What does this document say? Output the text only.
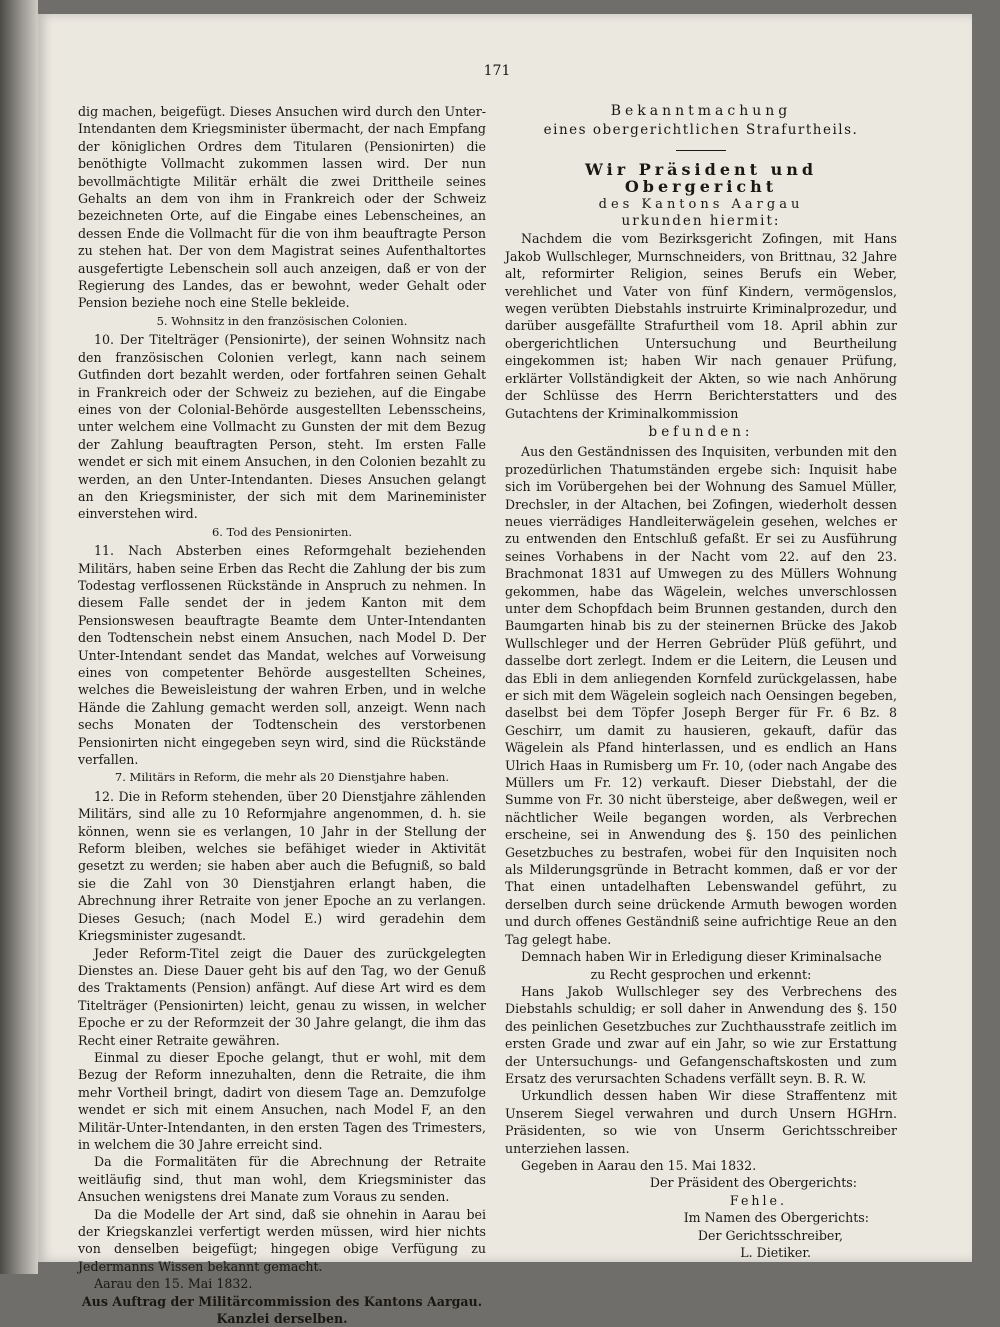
171

dig machen, beigefügt. Dieses Ansuchen wird durch den Unter-Intendanten dem Kriegsminister übermacht, der nach Empfang der königlichen Ordres dem Titularen (Pensionirten) die benöthigte Vollmacht zukommen lassen wird. Der nun bevollmächtigte Militär erhält die zwei Drittheile seines Gehalts an dem von ihm in Frankreich oder der Schweiz bezeichneten Orte, auf die Eingabe eines Lebenscheines, an dessen Ende die Vollmacht für die von ihm beauftragte Person zu stehen hat. Der von dem Magistrat seines Aufenthaltortes ausgefertigte Lebenschein soll auch anzeigen, daß er von der Regierung des Landes, das er bewohnt, weder Gehalt oder Pension beziehe noch eine Stelle bekleide.

5. Wohnsitz in den französischen Colonien.

10. Der Titelträger (Pensionirte), der seinen Wohnsitz nach den französischen Colonien verlegt, kann nach seinem Gutfinden dort bezahlt werden, oder fortfahren seinen Gehalt in Frankreich oder der Schweiz zu beziehen, auf die Eingabe eines von der Colonial-Behörde ausgestellten Lebensscheins, unter welchem eine Vollmacht zu Gunsten der mit dem Bezug der Zahlung beauftragten Person, steht. Im ersten Falle wendet er sich mit einem Ansuchen, in den Colonien bezahlt zu werden, an den Unter-Intendanten. Dieses Ansuchen gelangt an den Kriegsminister, der sich mit dem Marineminister einverstehen wird.

6. Tod des Pensionirten.

11. Nach Absterben eines Reformgehalt beziehenden Militärs, haben seine Erben das Recht die Zahlung der bis zum Todestag verflossenen Rückstände in Anspruch zu nehmen. In diesem Falle sendet der in jedem Kanton mit dem Pensionswesen beauftragte Beamte dem Unter-Intendanten den Todtenschein nebst einem Ansuchen, nach Model D. Der Unter-Intendant sendet das Mandat, welches auf Vorweisung eines von competenter Behörde ausgestellten Scheines, welches die Beweisleistung der wahren Erben, und in welche Hände die Zahlung gemacht werden soll, anzeigt. Wenn nach sechs Monaten der Todtenschein des verstorbenen Pensionirten nicht eingegeben seyn wird, sind die Rückstände verfallen.

7. Militärs in Reform, die mehr als 20 Dienstjahre haben.

12. Die in Reform stehenden, über 20 Dienstjahre zählenden Militärs, sind alle zu 10 Reformjahre angenommen, d. h. sie können, wenn sie es verlangen, 10 Jahr in der Stellung der Reform bleiben, welches sie befähiget wieder in Aktivität gesetzt zu werden; sie haben aber auch die Befugniß, so bald sie die Zahl von 30 Dienstjahren erlangt haben, die Abrechnung ihrer Retraite von jener Epoche an zu verlangen. Dieses Gesuch; (nach Model E.) wird geradehin dem Kriegsminister zugesandt.

Jeder Reform-Titel zeigt die Dauer des zurückgelegten Dienstes an. Diese Dauer geht bis auf den Tag, wo der Genuß des Traktaments (Pension) anfängt. Auf diese Art wird es dem Titelträger (Pensionirten) leicht, genau zu wissen, in welcher Epoche er zu der Reformzeit der 30 Jahre gelangt, die ihm das Recht einer Retraite gewähren.

Einmal zu dieser Epoche gelangt, thut er wohl, mit dem Bezug der Reform innezuhalten, denn die Retraite, die ihm mehr Vortheil bringt, dadirt von diesem Tage an. Demzufolge wendet er sich mit einem Ansuchen, nach Model F, an den Militär-Unter-Intendanten, in den ersten Tagen des Trimesters, in welchem die 30 Jahre erreicht sind.

Da die Formalitäten für die Abrechnung der Retraite weitläufig sind, thut man wohl, dem Kriegsminister das Ansuchen wenigstens drei Manate zum Voraus zu senden.

Da die Modelle der Art sind, daß sie ohnehin in Aarau bei der Kriegskanzlei verfertigt werden müssen, wird hier nichts von denselben beigefügt; hingegen obige Verfügung zu Jedermanns Wissen bekannt gemacht.

Aarau den 15. Mai 1832.

Aus Auftrag der Militärcommission des Kantons Aargau.
Kanzlei derselben.
Bekanntmachung
eines obergerichtlichen Strafurtheils.
Wir Präsident und Obergericht
des Kantons Aargau
urkunden hiermit:

Nachdem die vom Bezirksgericht Zofingen, mit Hans Jakob Wullschleger, Murnschneiders, von Brittnau, 32 Jahre alt, reformirter Religion, seines Berufs ein Weber, verehlichet und Vater von fünf Kindern, vermögenslos, wegen verübten Diebstahls instruirte Kriminalprozedur, und darüber ausgefällte Strafurtheil vom 18. April abhin zur obergerichtlichen Untersuchung und Beurtheilung eingekommen ist; haben Wir nach genauer Prüfung, erklärter Vollständigkeit der Akten, so wie nach Anhörung der Schlüsse des Herrn Berichterstatters und des Gutachtens der Kriminalkommission

befunden:

Aus den Geständnissen des Inquisiten, verbunden mit den prozedürlichen Thatumständen ergebe sich: Inquisit habe sich im Vorübergehen bei der Wohnung des Samuel Müller, Drechsler, in der Altachen, bei Zofingen, wiederholt dessen neues vierrädiges Handleiterwägelein gesehen, welches er zu entwenden den Entschluß gefaßt. Er sei zu Ausführung seines Vorhabens in der Nacht vom 22. auf den 23. Brachmonat 1831 auf Umwegen zu des Müllers Wohnung gekommen, habe das Wägelein, welches unverschlossen unter dem Schopfdach beim Brunnen gestanden, durch den Baumgarten hinab bis zu der steinernen Brücke des Jakob Wullschleger und der Herren Gebrüder Plüß geführt, und dasselbe dort zerlegt. Indem er die Leitern, die Leusen und das Ebli in dem anliegenden Kornfeld zurückgelassen, habe er sich mit dem Wägelein sogleich nach Oensingen begeben, daselbst bei dem Töpfer Joseph Berger für Fr. 6 Bz. 8 Geschirr, um damit zu hausieren, gekauft, dafür das Wägelein als Pfand hinterlassen, und es endlich an Hans Ulrich Haas in Rumisberg um Fr. 10, (oder nach Angabe des Müllers um Fr. 12) verkauft. Dieser Diebstahl, der die Summe von Fr. 30 nicht übersteige, aber deßwegen, weil er nächtlicher Weile begangen worden, als Verbrechen erscheine, sei in Anwendung des §. 150 des peinlichen Gesetzbuches zu bestrafen, wobei für den Inquisiten noch als Milderungsgründe in Betracht kommen, daß er vor der That einen untadelhaften Lebenswandel geführt, zu derselben durch seine drückende Armuth bewogen worden und durch offenes Geständniß seine aufrichtige Reue an den Tag gelegt habe.

Demnach haben Wir in Erledigung dieser Kriminalsache

zu Recht gesprochen und erkennt:

Hans Jakob Wullschleger sey des Verbrechens des Diebstahls schuldig; er soll daher in Anwendung des §. 150 des peinlichen Gesetzbuches zur Zuchthausstrafe zeitlich im ersten Grade und zwar auf ein Jahr, so wie zur Erstattung der Untersuchungs- und Gefangenschaftskosten und zum Ersatz des verursachten Schadens verfällt seyn. B. R. W.

Urkundlich dessen haben Wir diese Straffentenz mit Unserem Siegel verwahren und durch Unsern HGHrn. Präsidenten, so wie von Unserm Gerichtsschreiber unterziehen lassen.

Gegeben in Aarau den 15. Mai 1832.

Der Präsident des Obergerichts:
Fehle.
Im Namen des Obergerichts:
Der Gerichtsschreiber,
L. Dietiker.
